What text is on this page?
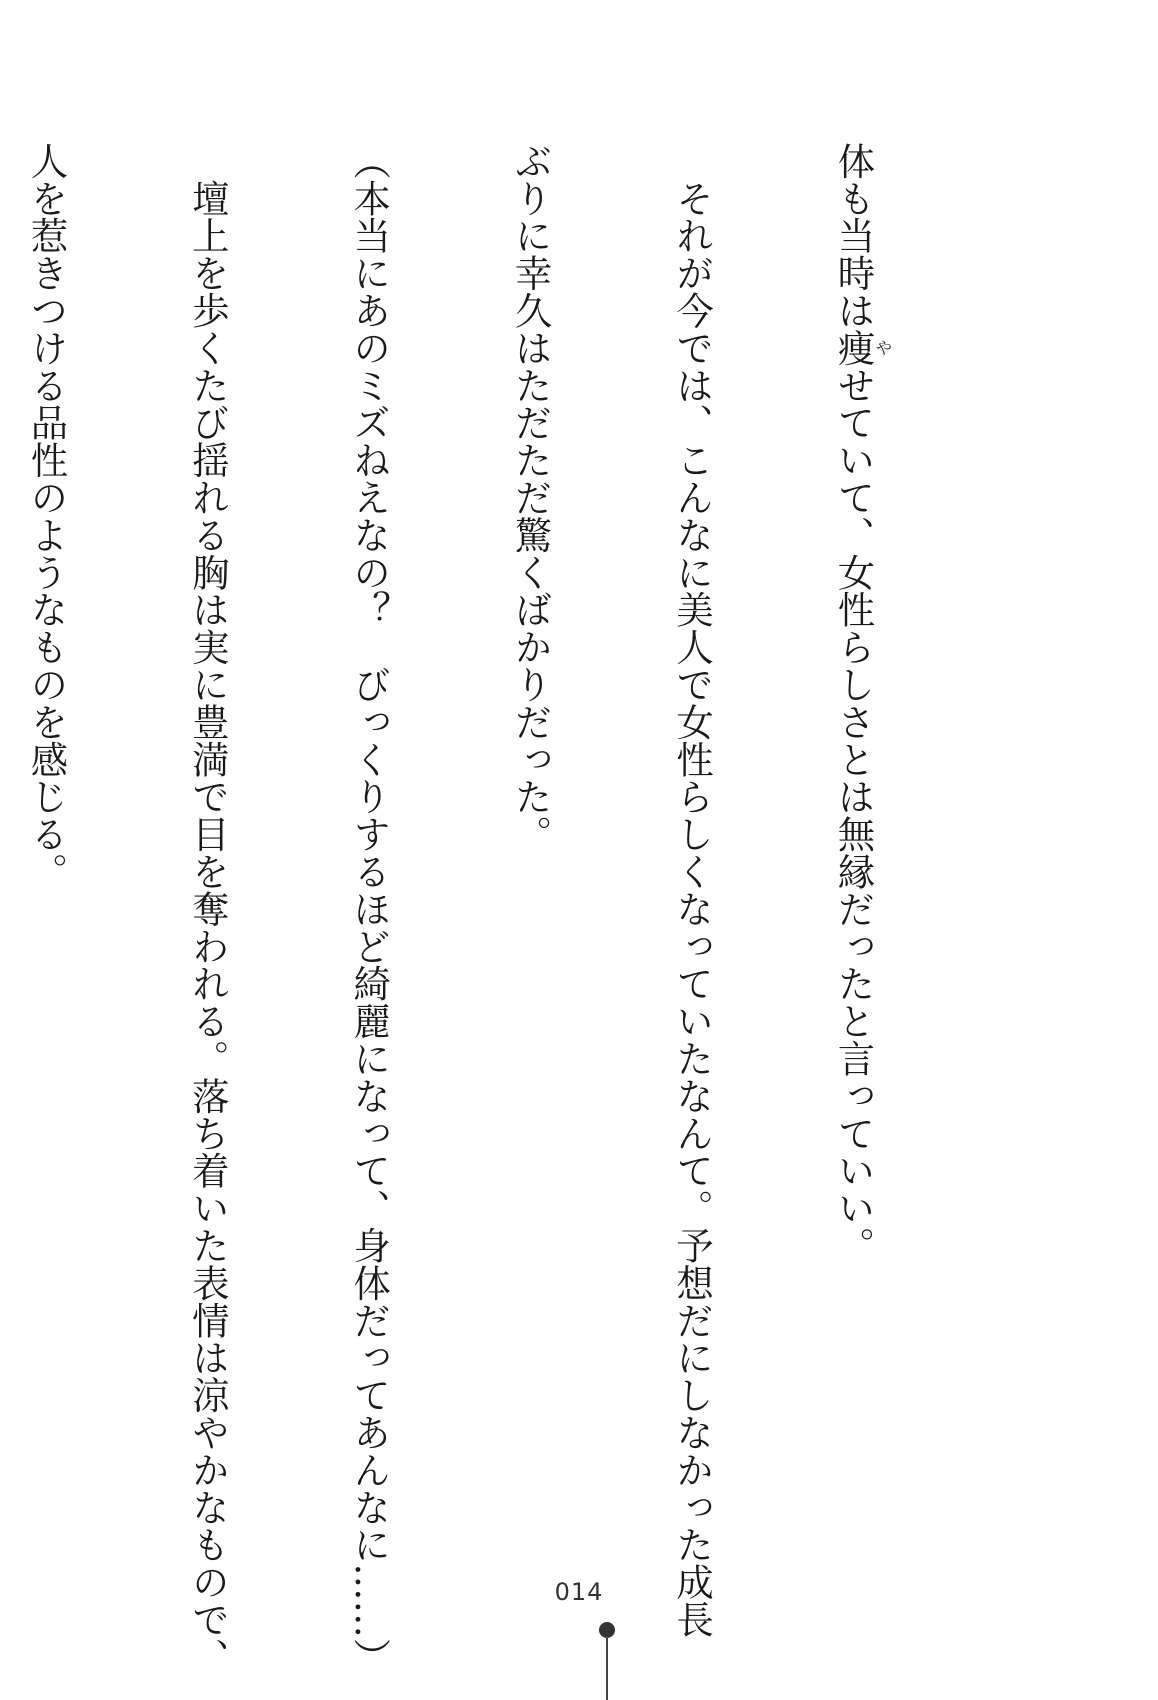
体も当時は痩やせていて、女性らしさとは無縁だったと言っていい。

　それが今では、こんなに美人で女性らしくなっていたなんて。予想だにしなかった成長

ぶりに幸久はただただ驚くばかりだった。

（本当にあのミズねえなの？　びっくりするほど綺麗になって、身体だってあんなに……）

　壇上を歩くたび揺れる胸は実に豊満で目を奪われる。落ち着いた表情は涼やかなもので、

人を惹きつける品性のようなものを感じる。

014
